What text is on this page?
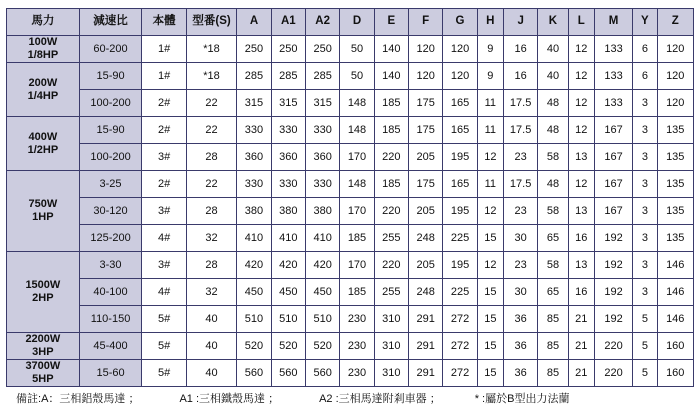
馬力	減速比	本體	型番(S)	A	A1	A2	D	E	F	G	H	J	K	L	M	Y	Z
100W
1/8HP	60-200	1#	*18	250	250	250	50	140	120	120	9	16	40	12	133	6	120
200W
1/4HP	15-90	1#	*18	285	285	285	50	140	120	120	9	16	40	12	133	6	120
	100-200	2#	22	315	315	315	148	185	175	165	11	17.5	48	12	133	3	120
400W
1/2HP	15-90	2#	22	330	330	330	148	185	175	165	11	17.5	48	12	167	3	135
	100-200	3#	28	360	360	360	170	220	205	195	12	23	58	13	167	3	135
750W
1HP	3-25	2#	22	330	330	330	148	185	175	165	11	17.5	48	12	167	3	135
	30-120	3#	28	380	380	380	170	220	205	195	12	23	58	13	167	3	135
	125-200	4#	32	410	410	410	185	255	248	225	15	30	65	16	192	3	135
1500W
2HP	3-30	3#	28	420	420	420	170	220	205	195	12	23	58	13	192	3	146
	40-100	4#	32	450	450	450	185	255	248	225	15	30	65	16	192	3	146
	110-150	5#	40	510	510	510	230	310	291	272	15	36	85	21	192	5	146
2200W
3HP	45-400	5#	40	520	520	520	230	310	291	272	15	36	85	21	220	5	160
3700W
5HP	15-60	5#	40	560	560	560	230	310	291	272	15	36	85	21	220	5	160
備註:A：三相鋁殼馬達 ；	A1 :三相鐵殼馬達 ；	A2 :三相馬達附剎車器 ；	* :屬於B型出力法蘭
